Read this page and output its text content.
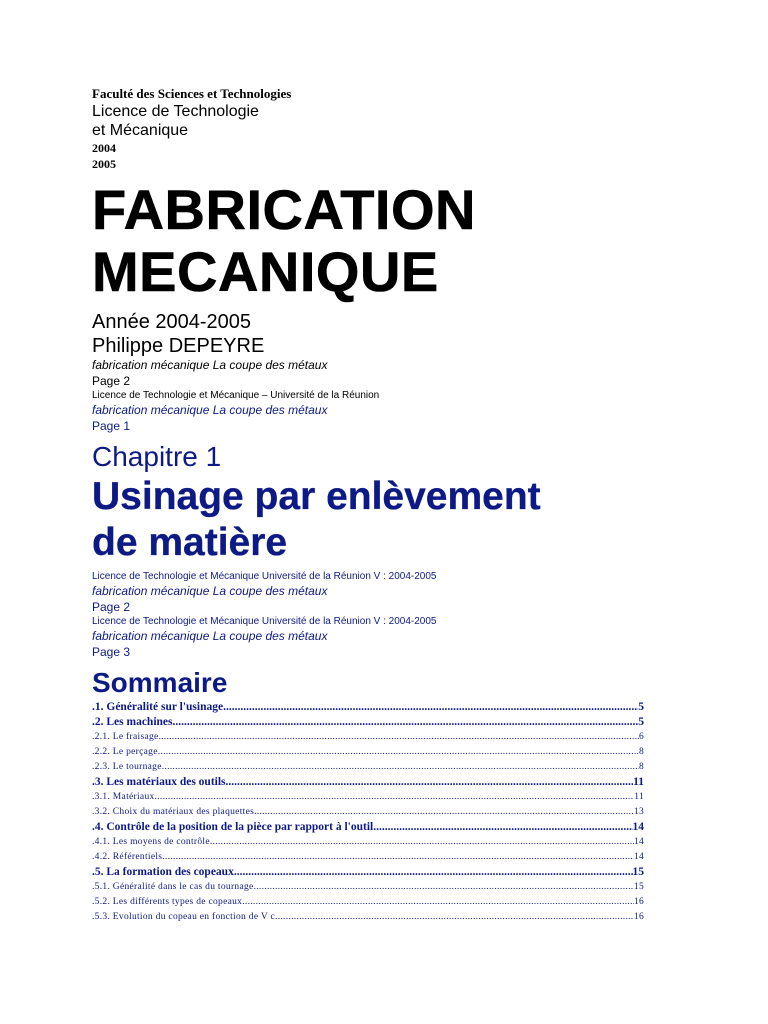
Faculté des Sciences et Technologies

Licence de Technologie

et Mécanique

2004

2005

FABRICATION
MECANIQUE

Année 2004-2005

Philippe DEPEYRE

fabrication mécanique La coupe des métaux

Page 2

Licence de Technologie et Mécanique – Université de la Réunion

fabrication mécanique La coupe des métaux

Page 1

Chapitre 1

Usinage par enlèvement

de matière

Licence de Technologie et Mécanique Université de la Réunion V : 2004-2005

fabrication mécanique La coupe des métaux

Page 2

Licence de Technologie et Mécanique Université de la Réunion V : 2004-2005

fabrication mécanique La coupe des métaux

Page 3

Sommaire
.1. Généralité sur l'usinage .....	5
.2. Les machines .....	5
.2.1. Le fraisage .....	6
.2.2. Le perçage .....	8
.2.3. Le tournage .....	8
.3. Les matériaux des outils .....	11
.3.1. Matériaux .....	11
.3.2. Choix du matériaux des plaquettes .....	13
.4. Contrôle de la position de la pièce par rapport à l'outil .....	14
.4.1. Les moyens de contrôle .....	14
.4.2. Référentiels .....	14
.5. La formation des copeaux .....	15
.5.1. Généralité dans le cas du tournage .....	15
.5.2. Les différents types de copeaux .....	16
.5.3. Evolution du copeau en fonction de V c .....	16
